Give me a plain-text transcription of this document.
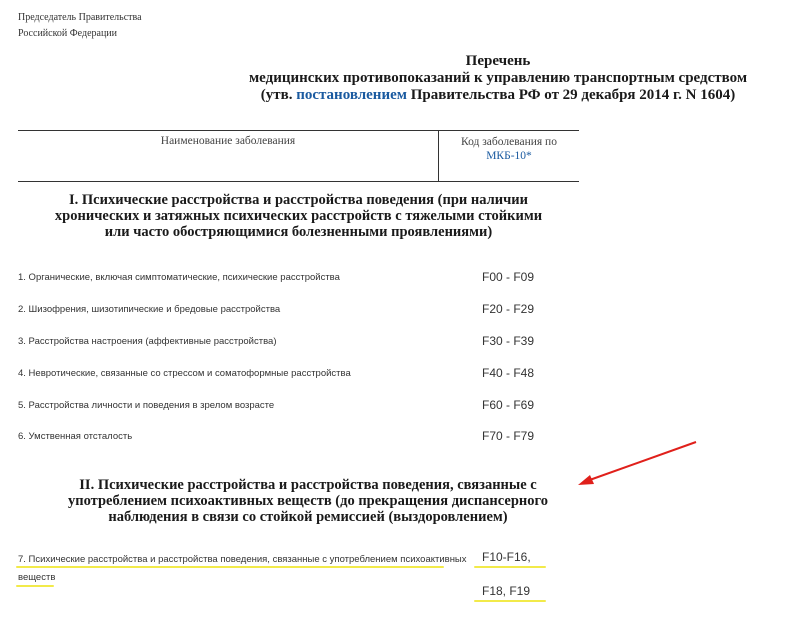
Председатель Правительства
Российской Федерации
Перечень
медицинских противопоказаний к управлению транспортным средством
(утв. постановлением Правительства РФ от 29 декабря 2014 г. N 1604)
Наименование заболевания	Код заболевания по
МКБ-10*
I. Психические расстройства и расстройства поведения (при наличии
хронических и затяжных психических расстройств с тяжелыми стойкими
или часто обостряющимися болезненными проявлениями)
1. Органические, включая симптоматические, психические расстройства	F00 - F09
2. Шизофрения, шизотипические и бредовые расстройства	F20 - F29
3. Расстройства настроения (аффективные расстройства)	F30 - F39
4. Невротические, связанные со стрессом и соматоформные расстройства	F40 - F48
5. Расстройства личности и поведения в зрелом возрасте	F60 - F69
6. Умственная отсталость	F70 - F79
II. Психические расстройства и расстройства поведения, связанные с
употреблением психоактивных веществ (до прекращения диспансерного
наблюдения в связи со стойкой ремиссией (выздоровлением)
7. Психические расстройства и расстройства поведения, связанные с употреблением психоактивных
веществ
F10-F16,
F18, F19
